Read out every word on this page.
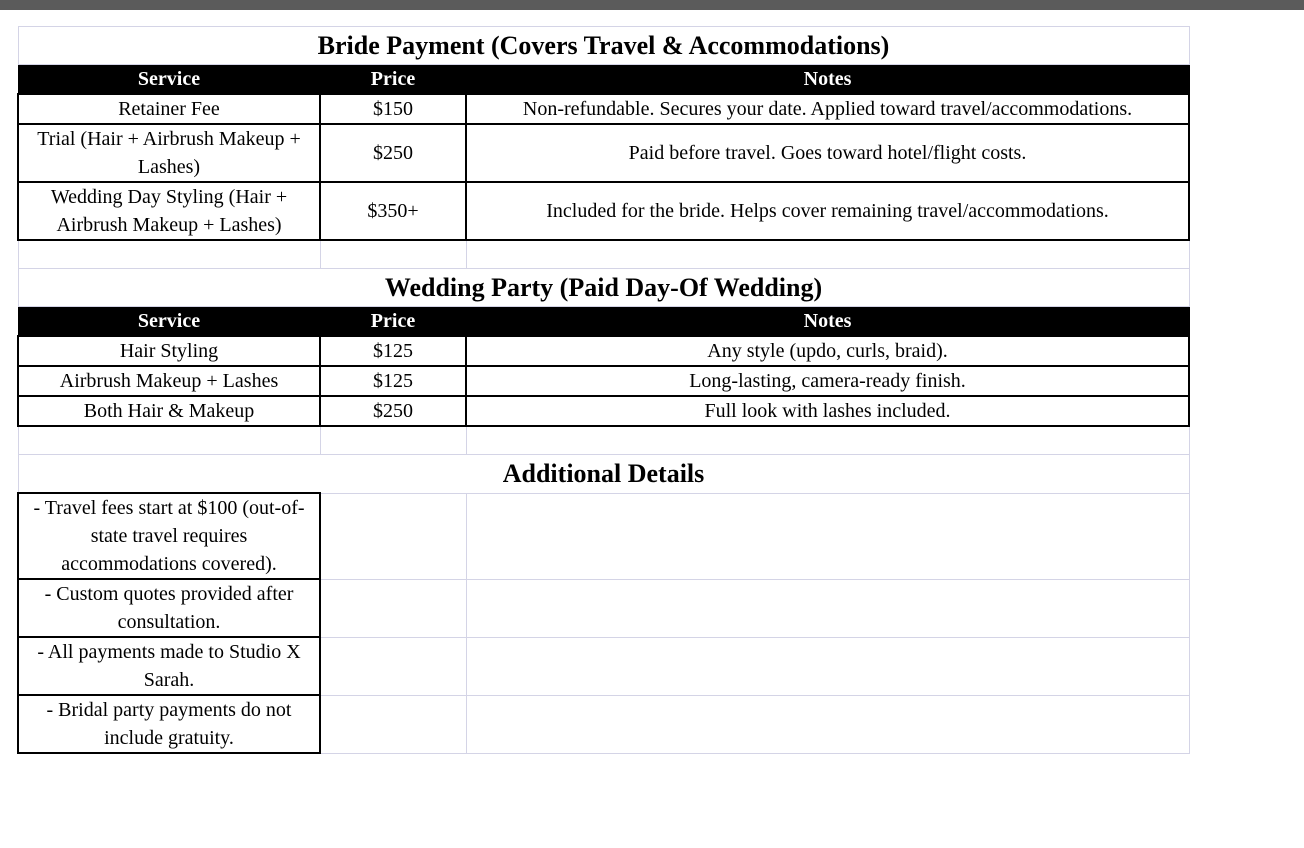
Bride Payment (Covers Travel & Accommodations)		
Service	Price	Notes
Retainer Fee	$150	Non-refundable. Secures your date. Applied toward travel/accommodations.
Trial (Hair + Airbrush Makeup + Lashes)	$250	Paid before travel. Goes toward hotel/flight costs.
Wedding Day Styling (Hair + Airbrush Makeup + Lashes)	$350+	Included for the bride. Helps cover remaining travel/accommodations.

Wedding Party (Paid Day-Of Wedding)		
Service	Price	Notes
Hair Styling	$125	Any style (updo, curls, braid).
Airbrush Makeup + Lashes	$125	Long-lasting, camera-ready finish.
Both Hair & Makeup	$250	Full look with lashes included.

Additional Details		
- Travel fees start at $100 (out-of-state travel requires accommodations covered).		
- Custom quotes provided after consultation.		
- All payments made to Studio X Sarah.		
- Bridal party payments do not include gratuity.		
